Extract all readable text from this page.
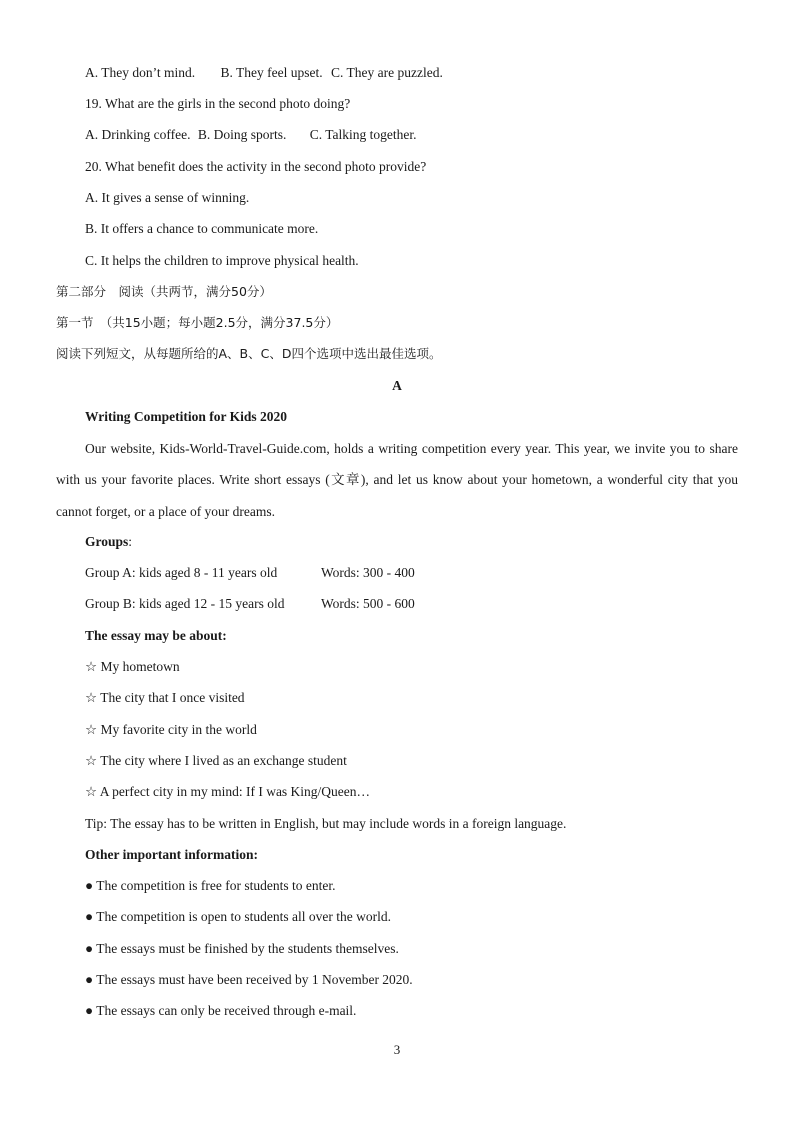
A. They don’t mind. B. They feel upset. C. They are puzzled.
19. What are the girls in the second photo doing?
A. Drinking coffee. B. Doing sports. C. Talking together.
20. What benefit does the activity in the second photo provide?
A. It gives a sense of winning.
B. It offers a chance to communicate more.
C. It helps the children to improve physical health.
第二部分　阅读（共两节，满分50分）
第一节　（共15小题；每小题2.5分，满分37.5分）
阅读下列短文，从每题所给的A、B、C、D四个选项中选出最佳选项。
A
Writing Competition for Kids 2020
Our website, Kids-World-Travel-Guide.com, holds a writing competition every year. This year, we invite you to share with us your favorite places. Write short essays (文章), and let us know about your hometown, a wonderful city that you cannot forget, or a place of your dreams.
Groups:
Group A: kids aged 8 - 11 years old	Words: 300 - 400
Group B: kids aged 12 - 15 years old	Words: 500 - 600
The essay may be about:
☆ My hometown
☆ The city that I once visited
☆ My favorite city in the world
☆ The city where I lived as an exchange student
☆ A perfect city in my mind: If I was King/Queen…
Tip: The essay has to be written in English, but may include words in a foreign language.
Other important information:
● The competition is free for students to enter.
● The competition is open to students all over the world.
● The essays must be finished by the students themselves.
● The essays must have been received by 1 November 2020.
● The essays can only be received through e-mail.
3
